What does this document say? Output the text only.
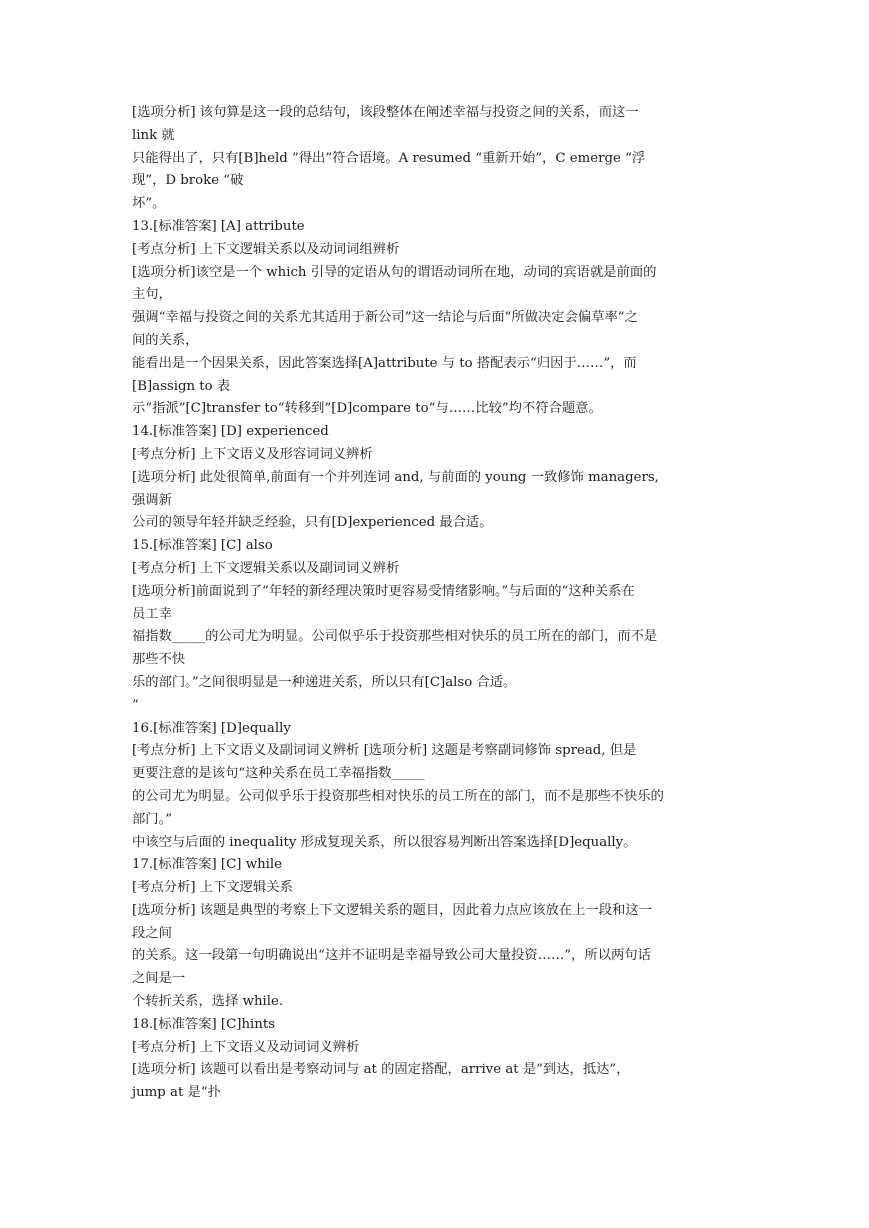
[选项分析] 该句算是这一段的总结句，该段整体在阐述幸福与投资之间的关系，而这一

link 就

只能得出了，只有[B]held ”得出”符合语境。A resumed “重新开始”，C emerge “浮

现”，D broke “破

坏”。

13.[标准答案] [A] attribute

[考点分析] 上下文逻辑关系以及动词词组辨析

[选项分析]该空是一个 which 引导的定语从句的谓语动词所在地，动词的宾语就是前面的

主句，

强调“幸福与投资之间的关系尤其适用于新公司”这一结论与后面“所做决定会偏草率”之

间的关系，

能看出是一个因果关系，因此答案选择[A]attribute 与 to 搭配表示“归因于……”，而

[B]assign to 表

示“指派”[C]transfer to“转移到”[D]compare to“与……比较”均不符合题意。

14.[标准答案] [D] experienced

[考点分析] 上下文语义及形容词词义辨析

[选项分析] 此处很简单,前面有一个并列连词 and, 与前面的 young 一致修饰 managers,

强调新

公司的领导年轻并缺乏经验，只有[D]experienced 最合适。

15.[标准答案] [C] also

[考点分析] 上下文逻辑关系以及副词词义辨析

[选项分析]前面说到了“年轻的新经理决策时更容易受情绪影响。”与后面的“这种关系在

员工幸

福指数_____的公司尤为明显。公司似乎乐于投资那些相对快乐的员工所在的部门，而不是

那些不快

乐的部门。”之间很明显是一种递进关系，所以只有[C]also 合适。

”

16.[标准答案] [D]equally

[考点分析] 上下文语义及副词词义辨析 [选项分析] 这题是考察副词修饰 spread, 但是

更要注意的是该句“这种关系在员工幸福指数_____

的公司尤为明显。公司似乎乐于投资那些相对快乐的员工所在的部门，而不是那些不快乐的

部门。”

中该空与后面的 inequality 形成复现关系，所以很容易判断出答案选择[D]equally。

17.[标准答案] [C] while

[考点分析] 上下文逻辑关系

[选项分析] 该题是典型的考察上下文逻辑关系的题目，因此着力点应该放在上一段和这一

段之间

的关系。这一段第一句明确说出“这并不证明是幸福导致公司大量投资……”，所以两句话

之间是一

个转折关系，选择 while.

18.[标准答案] [C]hints

[考点分析] 上下文语义及动词词义辨析

[选项分析] 该题可以看出是考察动词与 at 的固定搭配，arrive at 是“到达，抵达”，

jump at 是“扑
